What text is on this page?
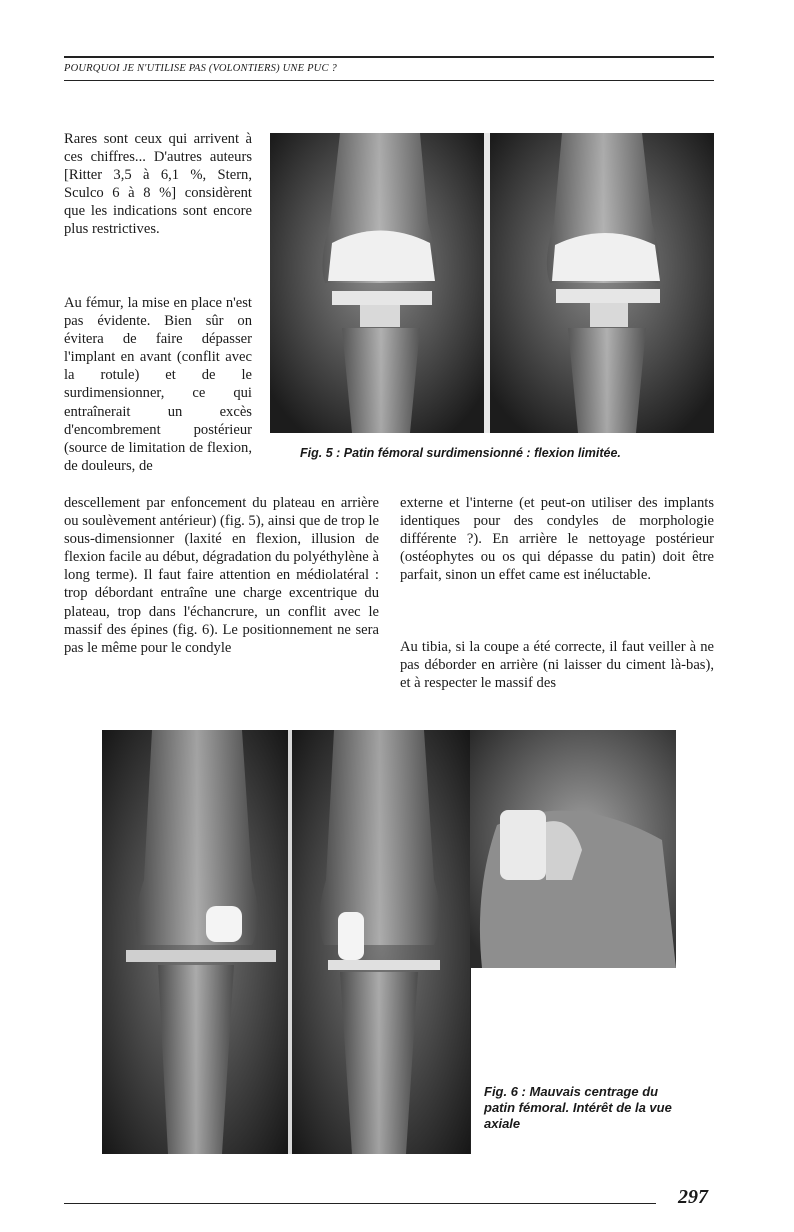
POURQUOI JE N'UTILISE PAS (VOLONTIERS) UNE PUC ?

Rares sont ceux qui arrivent à ces chiffres... D'autres auteurs [Ritter 3,5 à 6,1 %, Stern, Sculco 6 à 8 %] considèrent que les indications sont encore plus restrictives.

Au fémur, la mise en place n'est pas évidente. Bien sûr on évitera de faire dépasser l'implant en avant (conflit avec la rotule) et de le surdimensionner, ce qui entraînerait un excès d'encombrement postérieur (source de limitation de flexion, de douleurs, de

descellement par enfoncement du plateau en arrière ou soulèvement antérieur) (fig. 5), ainsi que de trop le sous-dimensionner (laxité en flexion, illusion de flexion facile au début, dégradation du polyéthylène à long terme). Il faut faire attention en médiolatéral : trop débordant entraîne une charge excentrique du plateau, trop dans l'échancrure, un conflit avec le massif des épines (fig. 6). Le positionnement ne sera pas le même pour le condyle

externe et l'interne (et peut-on utiliser des implants identiques pour des condyles de morphologie différente ?). En arrière le nettoyage postérieur (ostéophytes ou os qui dépasse du patin) doit être parfait, sinon un effet came est inéluctable.

Au tibia, si la coupe a été correcte, il faut veiller à ne pas déborder en arrière (ni laisser du ciment là-bas), et à respecter le massif des

Fig. 5 : Patin fémoral surdimensionné : flexion limitée.
Fig. 6 : Mauvais centrage du patin fémoral. Intérêt de la vue axiale
297
